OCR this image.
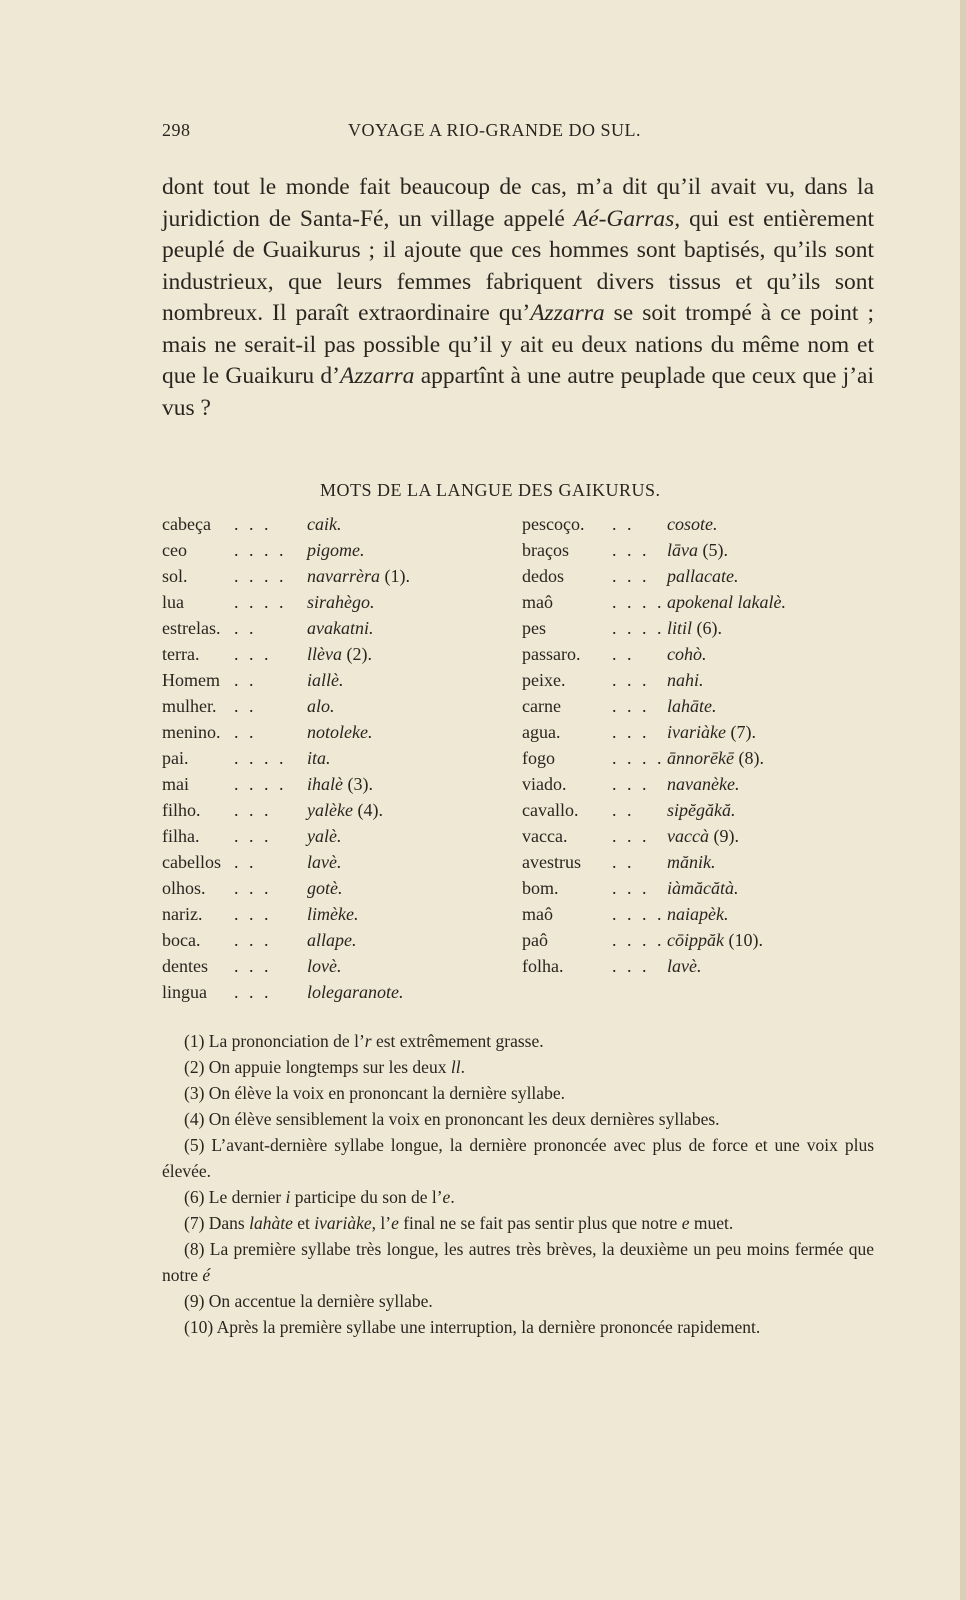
298	VOYAGE A RIO-GRANDE DO SUL.

dont tout le monde fait beaucoup de cas, m’a dit qu’il avait vu, dans la juridiction de Santa-Fé, un village appelé Aé-Garras, qui est entièrement peuplé de Guaikurus ; il ajoute que ces hommes sont baptisés, qu’ils sont industrieux, que leurs femmes fabriquent divers tissus et qu’ils sont nombreux. Il paraît extraordinaire qu’Azzarra se soit trompé à ce point ; mais ne serait-il pas possible qu’il y ait eu deux nations du même nom et que le Guaikuru d’Azzarra appartînt à une autre peuplade que ceux que j’ai vus ?

MOTS DE LA LANGUE DES GAIKURUS.
cabeça . . . caik.
ceo	. . . . pigome.
sol.	. . . . navarrèra (1).
lua	. . . . sirahègo.
estrelas. . .	avakatni.
terra. . . . llèva (2).
Homem . .	iallè.
mulher. . .	alo.
menino. . .	notoleke.
pai.	. . . . ita.
mai	. . . . ihalè (3).
filho. . . . yalèke (4).
filha. . . . yalè.
cabellos . .	lavè.
olhos. . . . gotè.
nariz. . . . limèke.
boca. . . . allape.
dentes . . . lovè.
lingua . . . lolegaranote.
pescoço. . . cosote.
braços . . . lāva (5).
dedos	. . . pallacate.
maô	. . . . apokenal lakalè.
pes	. . . . litil (6).
passaro. . . cohò.
peixe.	. . . nahi.
carne	. . . lahāte.
agua.	. . . ivariàke (7).
fogo	. . . . ānnorēkē (8).
viado.	. . . navanèke.
cavallo. . . sipĕgăkă.
vacca. . . . vaccà (9).
avestrus . . mănik.
bom.	. . . iàmăcătà.
maô	. . . . naiapèk.
paô	. . . . cōippăk (10).
folha.	. . . lavè.

(1) La prononciation de l’r est extrêmement grasse.

(2) On appuie longtemps sur les deux ll.

(3) On élève la voix en prononcant la dernière syllabe.

(4) On élève sensiblement la voix en prononcant les deux dernières syllabes.

(5) L’avant-dernière syllabe longue, la dernière prononcée avec plus de force et une voix plus élevée.

(6) Le dernier i participe du son de l’e.

(7) Dans lahàte et ivariàke, l’e final ne se fait pas sentir plus que notre e muet.

(8) La première syllabe très longue, les autres très brèves, la deuxième un peu moins fermée que notre é

(9) On accentue la dernière syllabe.

(10) Après la première syllabe une interruption, la dernière prononcée rapidement.
